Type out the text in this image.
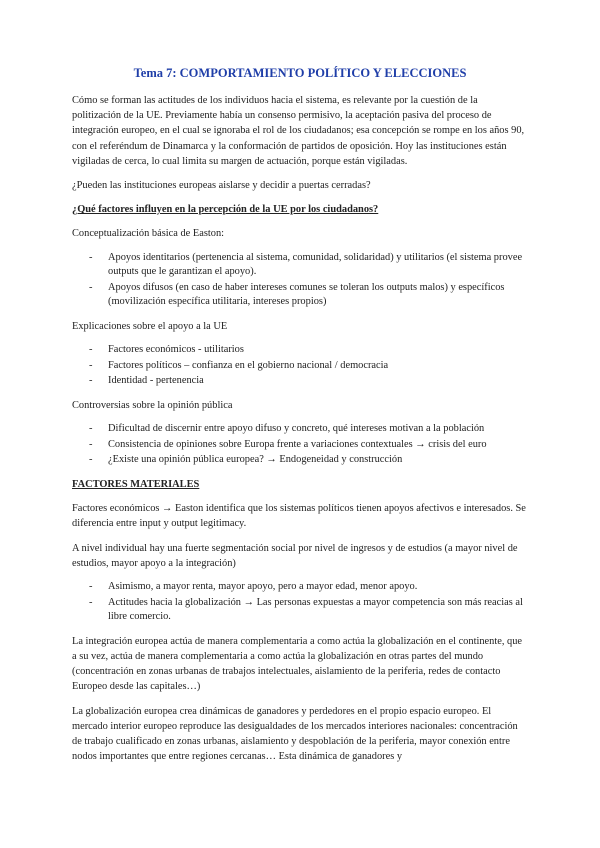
Tema 7: COMPORTAMIENTO POLÍTICO Y ELECCIONES

Cómo se forman las actitudes de los individuos hacia el sistema, es relevante por la cuestión de la politización de la UE. Previamente había un consenso permisivo, la aceptación pasiva del proceso de integración europeo, en el cual se ignoraba el rol de los ciudadanos; esa concepción se rompe en los años 90, con el referéndum de Dinamarca y la conformación de partidos de oposición. Hoy las instituciones están vigiladas de cerca, lo cual limita su margen de actuación, porque están vigiladas.

¿Pueden las instituciones europeas aislarse y decidir a puertas cerradas?

¿Qué factores influyen en la percepción de la UE por los ciudadanos?

Conceptualización básica de Easton:

- Apoyos identitarios (pertenencia al sistema, comunidad, solidaridad) y utilitarios (el sistema provee outputs que le garantizan el apoyo).
- Apoyos difusos (en caso de haber intereses comunes se toleran los outputs malos) y específicos (movilización específica utilitaria, intereses propios)

Explicaciones sobre el apoyo a la UE

- Factores económicos - utilitarios
- Factores políticos – confianza en el gobierno nacional / democracia
- Identidad - pertenencia

Controversias sobre la opinión pública

- Dificultad de discernir entre apoyo difuso y concreto, qué intereses motivan a la población
- Consistencia de opiniones sobre Europa frente a variaciones contextuales → crisis del euro
- ¿Existe una opinión pública europea? → Endogeneidad y construcción

FACTORES MATERIALES

Factores económicos → Easton identifica que los sistemas políticos tienen apoyos afectivos e interesados. Se diferencia entre input y output legitimacy.

A nivel individual hay una fuerte segmentación social por nivel de ingresos y de estudios (a mayor nivel de estudios, mayor apoyo a la integración)

- Asimismo, a mayor renta, mayor apoyo, pero a mayor edad, menor apoyo.
- Actitudes hacia la globalización → Las personas expuestas a mayor competencia son más reacias al libre comercio.

La integración europea actúa de manera complementaria a como actúa la globalización en el continente, que a su vez, actúa de manera complementaria a como actúa la globalización en otras partes del mundo (concentración en zonas urbanas de trabajos intelectuales, aislamiento de la periferia, redes de contacto Europeo desde las capitales…)

La globalización europea crea dinámicas de ganadores y perdedores en el propio espacio europeo. El mercado interior europeo reproduce las desigualdades de los mercados interiores nacionales: concentración de trabajo cualificado en zonas urbanas, aislamiento y despoblación de la periferia, mayor conexión entre nodos importantes que entre regiones cercanas… Esta dinámica de ganadores y
